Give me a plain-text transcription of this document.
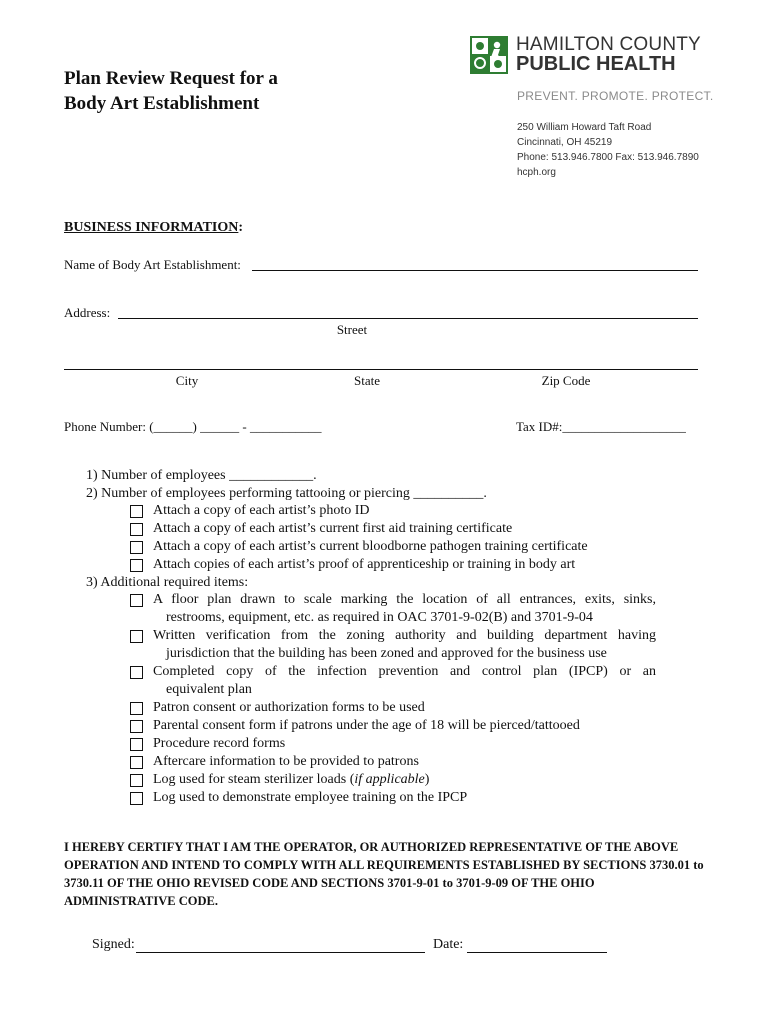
Plan Review Request for a
Body Art Establishment
HAMILTON COUNTY
PUBLIC HEALTH
PREVENT. PROMOTE. PROTECT.
250 William Howard Taft Road
Cincinnati, OH 45219
Phone: 513.946.7800 Fax: 513.946.7890
hcph.org
BUSINESS INFORMATION:
Name of Body Art Establishment:
Address:
Street
City	State	Zip Code
Phone Number: (______) ______ - ___________	Tax ID#:___________________
1) Number of employees ____________.
2) Number of employees performing tattooing or piercing __________.
Attach a copy of each artist’s photo ID
Attach a copy of each artist’s current first aid training certificate
Attach a copy of each artist’s current bloodborne pathogen training certificate
Attach copies of each artist’s proof of apprenticeship or training in body art
3) Additional required items:
A floor plan drawn to scale marking the location of all entrances, exits, sinks,
restrooms, equipment, etc. as required in OAC 3701-9-02(B) and 3701-9-04
Written verification from the zoning authority and building department having
jurisdiction that the building has been zoned and approved for the business use
Completed copy of the infection prevention and control plan (IPCP) or an
equivalent plan
Patron consent or authorization forms to be used
Parental consent form if patrons under the age of 18 will be pierced/tattooed
Procedure record forms
Aftercare information to be provided to patrons
Log used for steam sterilizer loads (if applicable)
Log used to demonstrate employee training on the IPCP
I HEREBY CERTIFY THAT I AM THE OPERATOR, OR AUTHORIZED REPRESENTATIVE OF THE ABOVE OPERATION AND INTEND TO COMPLY WITH ALL REQUIREMENTS ESTABLISHED BY SECTIONS 3730.01 to 3730.11 OF THE OHIO REVISED CODE AND SECTIONS 3701-9-01 to 3701-9-09 OF THE OHIO ADMINISTRATIVE CODE.
Signed:	Date:
